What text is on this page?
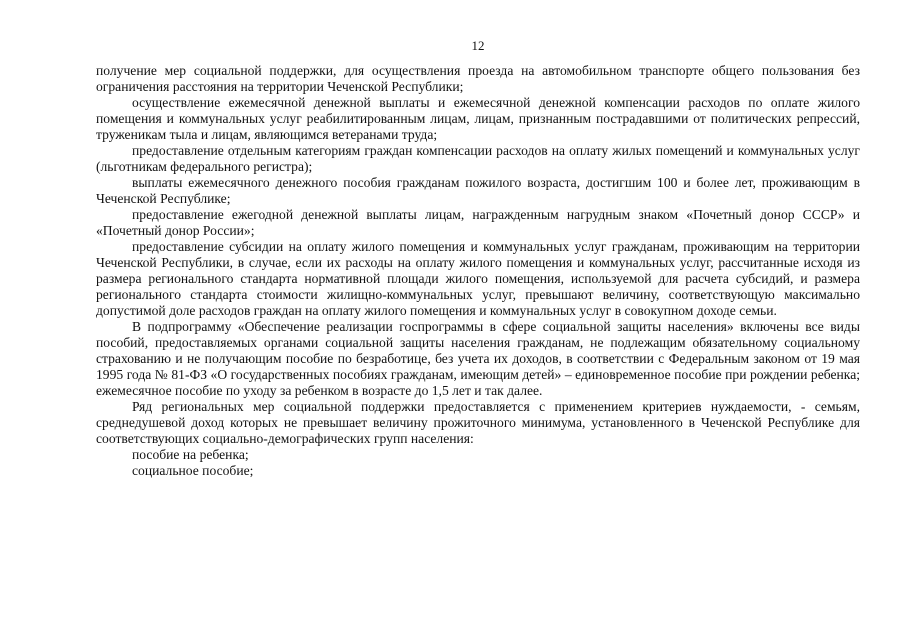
12

получение мер социальной поддержки, для осуществления проезда на автомобильном транспорте общего пользования без ограничения расстояния на территории Чеченской Республики;

осуществление ежемесячной денежной выплаты и ежемесячной денежной компенсации расходов по оплате жилого помещения и коммунальных услуг реабилитированным лицам, лицам, признанным пострадавшими от политических репрессий, труженикам тыла и лицам, являющимся ветеранами труда;

предоставление отдельным категориям граждан компенсации расходов на оплату жилых помещений и коммунальных услуг (льготникам федерального регистра);

выплаты ежемесячного денежного пособия гражданам пожилого возраста, достигшим 100 и более лет, проживающим в Чеченской Республике;

предоставление ежегодной денежной выплаты лицам, награжденным нагрудным знаком «Почетный донор СССР» и «Почетный донор России»;

предоставление субсидии на оплату жилого помещения и коммунальных услуг гражданам, проживающим на территории Чеченской Республики, в случае, если их расходы на оплату жилого помещения и коммунальных услуг, рассчитанные исходя из размера регионального стандарта нормативной площади жилого помещения, используемой для расчета субсидий, и размера регионального стандарта стоимости жилищно-коммунальных услуг, превышают величину, соответствующую максимально допустимой доле расходов граждан на оплату жилого помещения и коммунальных услуг в совокупном доходе семьи.

В подпрограмму «Обеспечение реализации госпрограммы в сфере социальной защиты населения» включены все виды пособий, предоставляемых органами социальной защиты населения гражданам, не подлежащим обязательному социальному страхованию и не получающим пособие по безработице, без учета их доходов, в соответствии с Федеральным законом от 19 мая 1995 года № 81-ФЗ «О государственных пособиях гражданам, имеющим детей» – единовременное пособие при рождении ребенка; ежемесячное пособие по уходу за ребенком в возрасте до 1,5 лет и так далее.

Ряд региональных мер социальной поддержки предоставляется с применением критериев нуждаемости, - семьям, среднедушевой доход которых не превышает величину прожиточного минимума, установленного в Чеченской Республике для соответствующих социально-демографических групп населения:

пособие на ребенка;

социальное пособие;
